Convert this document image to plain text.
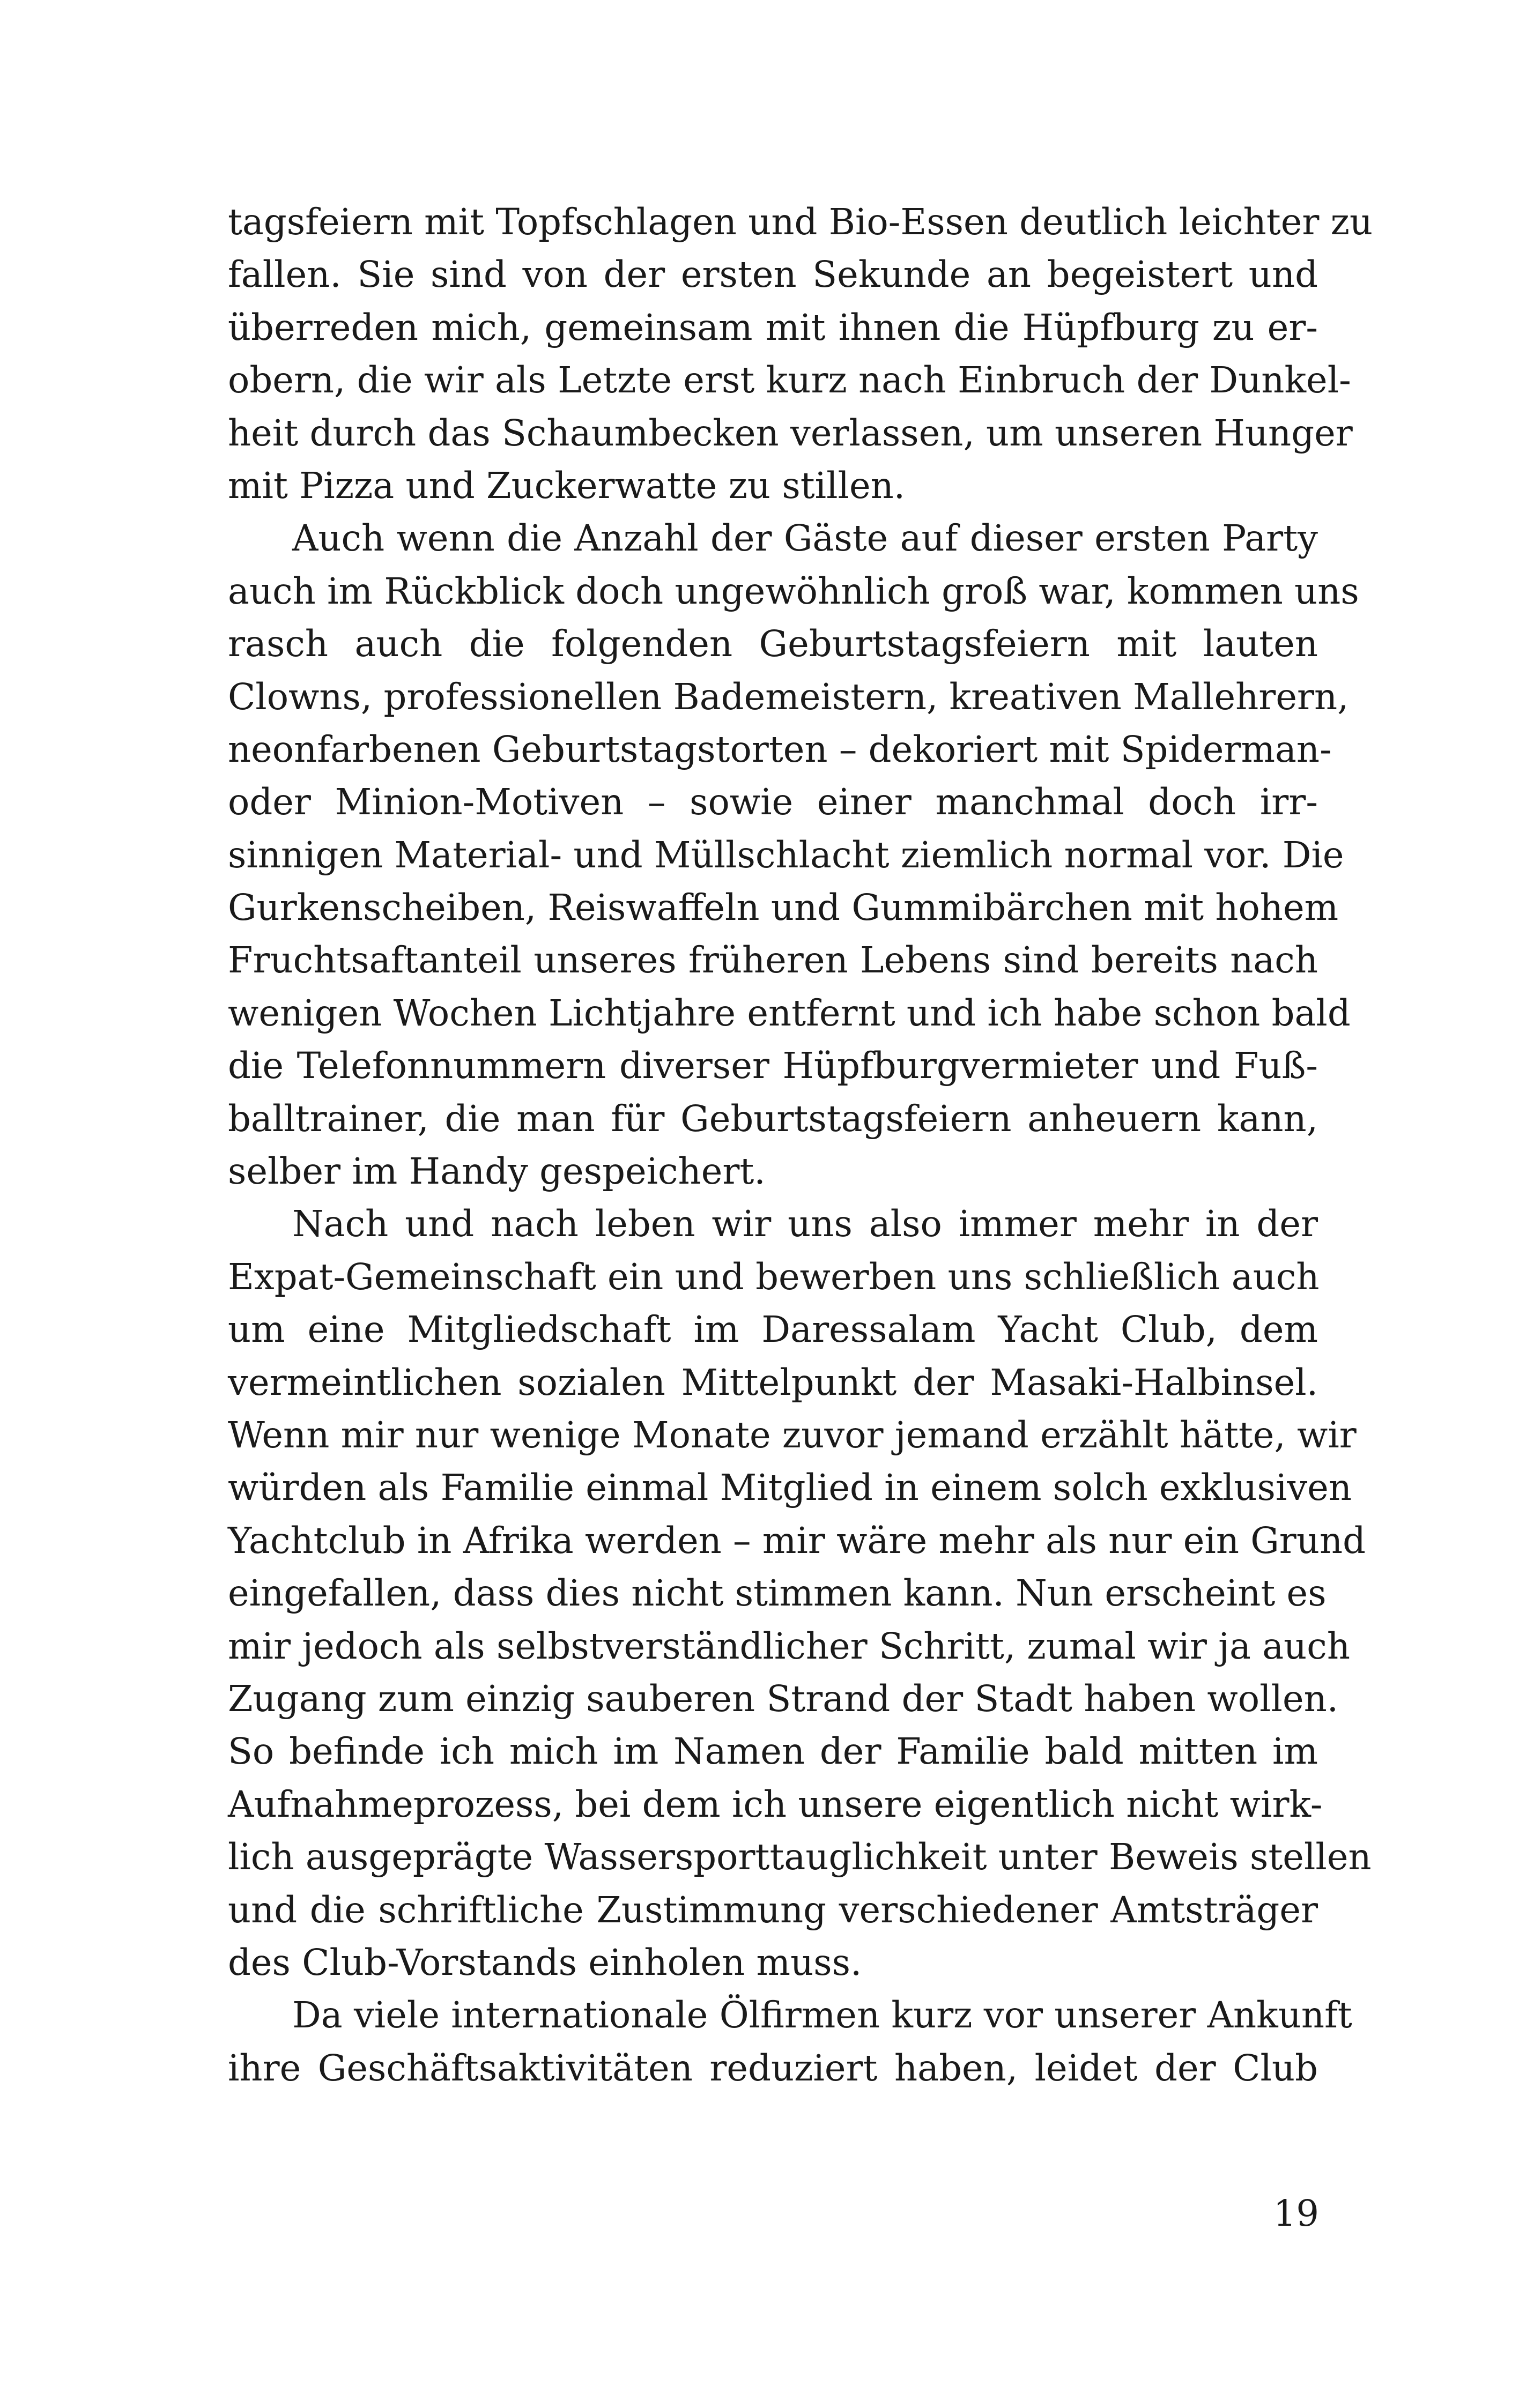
tagsfeiern mit Topfschlagen und Bio-Essen deutlich leichter zu
fallen. Sie sind von der ersten Sekunde an begeistert und
überreden mich, gemeinsam mit ihnen die Hüpfburg zu er-
obern, die wir als Letzte erst kurz nach Einbruch der Dunkel-
heit durch das Schaumbecken verlassen, um unseren Hunger
mit Pizza und Zuckerwatte zu stillen.
Auch wenn die Anzahl der Gäste auf dieser ersten Party
auch im Rückblick doch ungewöhnlich groß war, kommen uns
rasch auch die folgenden Geburtstagsfeiern mit lauten
Clowns, professionellen Bademeistern, kreativen Mallehrern,
neonfarbenen Geburtstagstorten – dekoriert mit Spiderman-
oder Minion-Motiven – sowie einer manchmal doch irr-
sinnigen Material- und Müllschlacht ziemlich normal vor. Die
Gurkenscheiben, Reiswaffeln und Gummibärchen mit hohem
Fruchtsaftanteil unseres früheren Lebens sind bereits nach
wenigen Wochen Lichtjahre entfernt und ich habe schon bald
die Telefonnummern diverser Hüpfburgvermieter und Fuß-
balltrainer, die man für Geburtstagsfeiern anheuern kann,
selber im Handy gespeichert.
Nach und nach leben wir uns also immer mehr in der
Expat-Gemeinschaft ein und bewerben uns schließlich auch
um eine Mitgliedschaft im Daressalam Yacht Club, dem
vermeintlichen sozialen Mittelpunkt der Masaki-Halbinsel.
Wenn mir nur wenige Monate zuvor jemand erzählt hätte, wir
würden als Familie einmal Mitglied in einem solch exklusiven
Yachtclub in Afrika werden – mir wäre mehr als nur ein Grund
eingefallen, dass dies nicht stimmen kann. Nun erscheint es
mir jedoch als selbstverständlicher Schritt, zumal wir ja auch
Zugang zum einzig sauberen Strand der Stadt haben wollen.
So befinde ich mich im Namen der Familie bald mitten im
Aufnahmeprozess, bei dem ich unsere eigentlich nicht wirk-
lich ausgeprägte Wassersporttauglichkeit unter Beweis stellen
und die schriftliche Zustimmung verschiedener Amtsträger
des Club-Vorstands einholen muss.
Da viele internationale Ölfirmen kurz vor unserer Ankunft
ihre Geschäftsaktivitäten reduziert haben, leidet der Club
19
